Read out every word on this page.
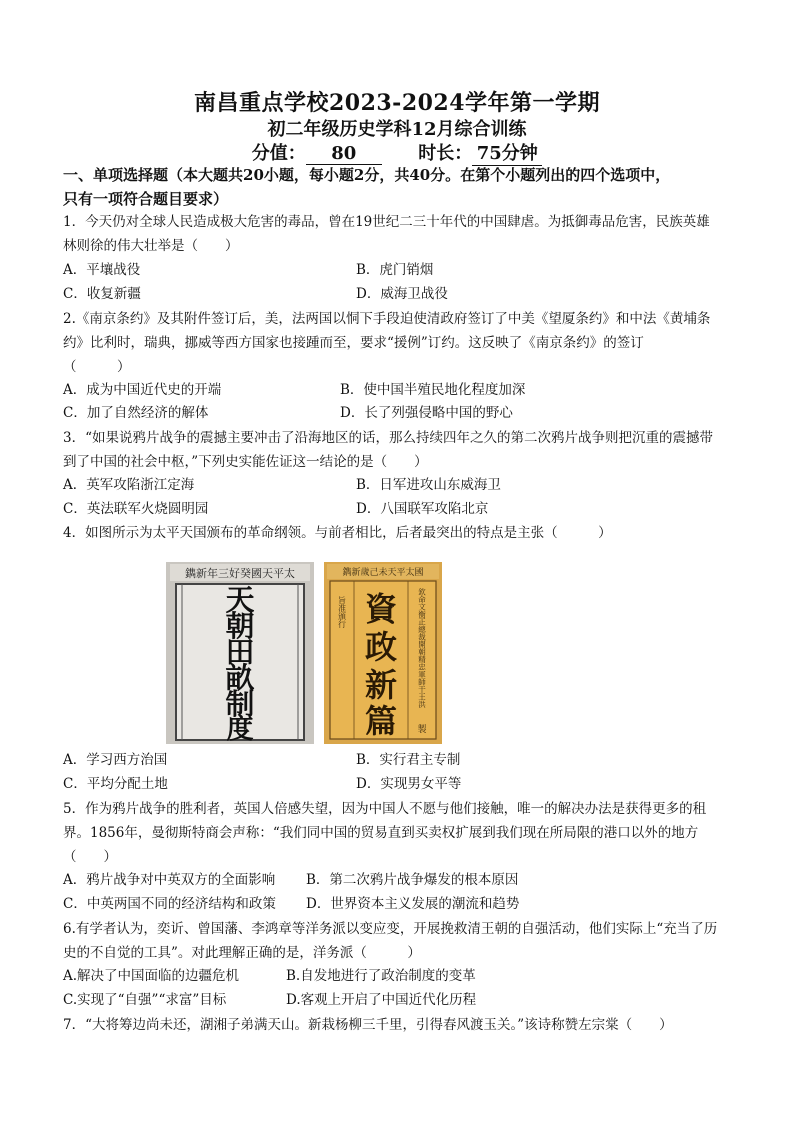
南昌重点学校2023-2024学年第一学期
初二年级历史学科12月综合训练
分值： 80	时长： 75分钟
一、单项选择题（本大题共20小题，每小题2分，共40分。在第个小题列出的四个选项中，
只有一项符合题目要求）
1．今天仍对全球人民造成极大危害的毒品，曾在19世纪二三十年代的中国肆虐。为抵御毒品危害，民族英雄
林则徐的伟大壮举是（　　）
A．平壤战役	B．虎门销烟
C．收复新疆	D．威海卫战役
2.《南京条约》及其附件签订后，美，法两国以恫下手段迫使清政府签订了中美《望厦条约》和中法《黄埔条
约》比利时，瑞典，挪威等西方国家也接踵而至，要求“援例”订约。这反映了《南京条约》的签订
（　　　）
A．成为中国近代史的开端	B．使中国半殖民地化程度加深
C．加了自然经济的解体	D．长了列强侵略中国的野心
3．“如果说鸦片战争的震撼主要冲击了沿海地区的话，那么持续四年之久的第二次鸦片战争则把沉重的震撼带
到了中国的社会中枢，”下列史实能佐证这一结论的是（　　）
A．英军攻陷浙江定海	B．日军进攻山东威海卫
C．英法联军火烧圆明园	D．八国联军攻陷北京
4．如图所示为太平天国颁布的革命纲领。与前者相比，后者最突出的特点是主张（　　　）
鐫新年三好癸國天平太
天
朝
田
畝
制
度
鐫新歲己未天平太國
旨准頒行 資
政
新
篇
欽命文衡正總裁開朝精忠軍師干王洪
製
A．学习西方治国	B．实行君主专制
C．平均分配土地	D．实现男女平等
5．作为鸦片战争的胜利者，英国人倍感失望，因为中国人不愿与他们接触，唯一的解决办法是获得更多的租
界。1856年，曼彻斯特商会声称：“我们同中国的贸易直到买卖权扩展到我们现在所局限的港口以外的地方
（　　）
A．鸦片战争对中英双方的全面影响 B．第二次鸦片战争爆发的根本原因
C．中英两国不同的经济结构和政策 D．世界资本主义发展的潮流和趋势
6.有学者认为，奕䜣、曾国藩、李鸿章等洋务派以变应变，开展挽救清王朝的自强活动，他们实际上“充当了历
史的不自觉的工具”。对此理解正确的是，洋务派（　　　）
A.解决了中国面临的边疆危机	B.自发地进行了政治制度的变革
C.实现了“自强”“求富”目标	D.客观上开启了中国近代化历程
7．“大将筹边尚未还，湖湘子弟满天山。新栽杨柳三千里，引得春风渡玉关。”该诗称赞左宗棠（　　）
